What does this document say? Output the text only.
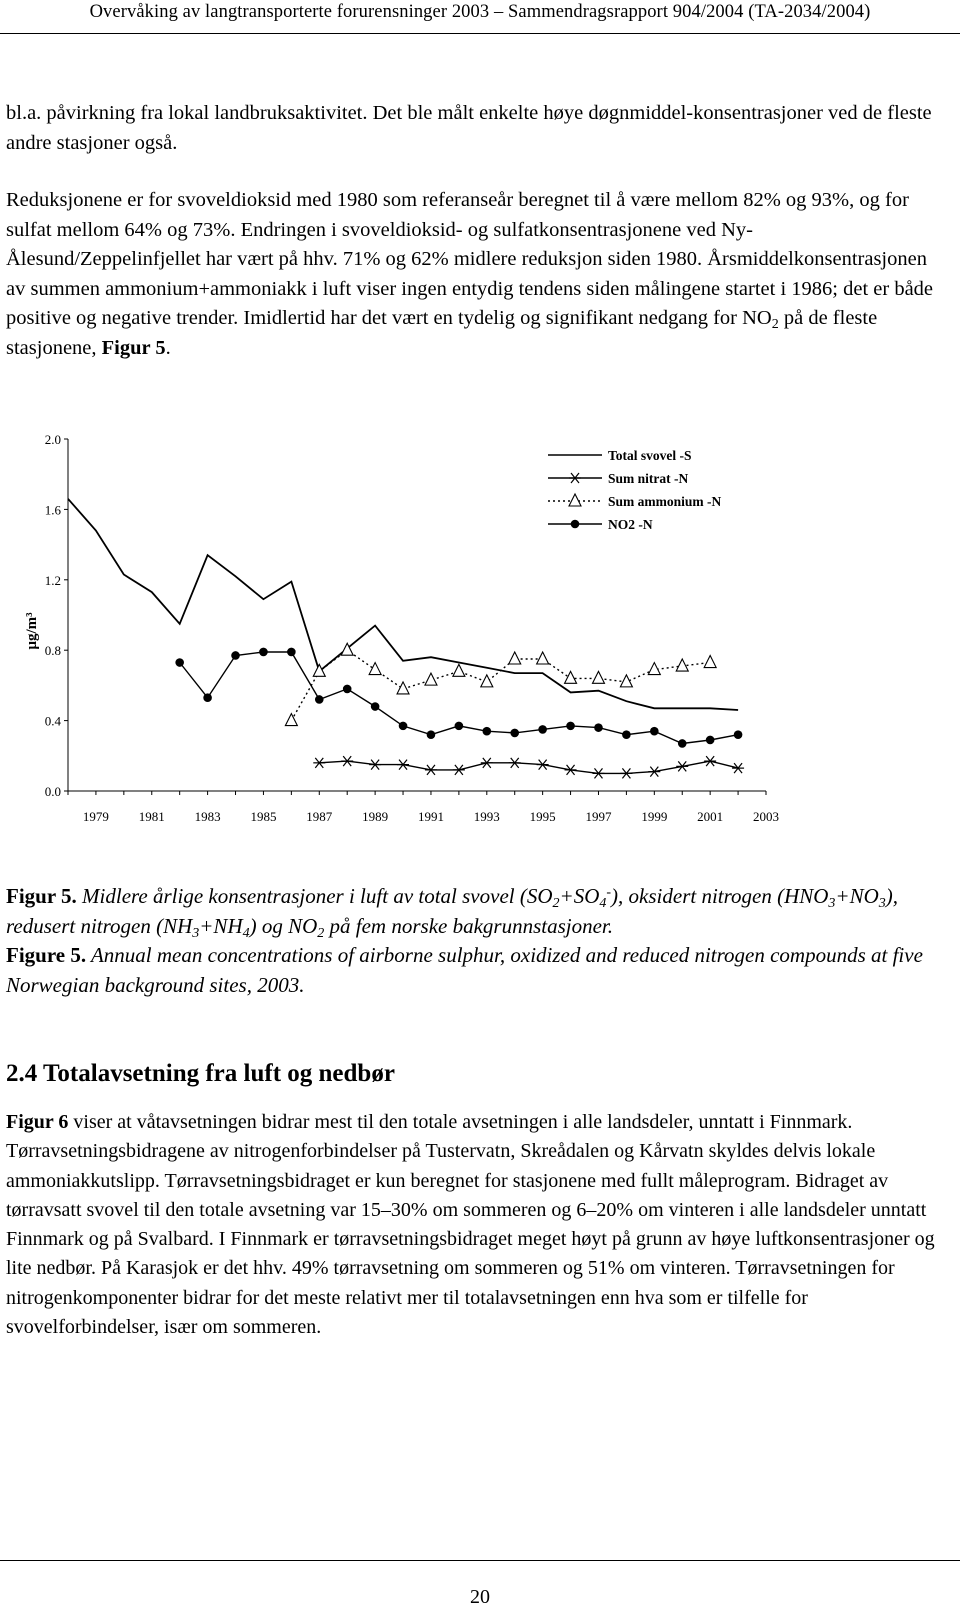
Overvåking av langtransporterte forurensninger 2003 – Sammendragsrapport 904/2004 (TA-2034/2004)

bl.a. påvirkning fra lokal landbruksaktivitet. Det ble målt enkelte høye døgnmiddel-konsentrasjoner ved de fleste andre stasjoner også.

Reduksjonene er for svoveldioksid med 1980 som referanseår beregnet til å være mellom 82% og 93%, og for sulfat mellom 64% og 73%. Endringen i svoveldioksid- og sulfatkonsentrasjonene ved Ny-Ålesund/Zeppelinfjellet har vært på hhv. 71% og 62% midlere reduksjon siden 1980. Årsmiddelkonsentrasjonen av summen ammonium+ammoniakk i luft viser ingen entydig tendens siden målingene startet i 1986; det er både positive og negative trender. Imidlertid har det vært en tydelig og signifikant nedgang for $NO_2$ på de fleste stasjonene, Figur 5.

2.0
1.6
1.2
0.8
0.4
0.0
1979 1981 1983 1985 1987 1989 1991 1993 1995 1997 1999 2001 2003
µg/m³
Total svovel -S
Sum nitrat -N
Sum ammonium -N
NO2 -N

Figur 5. Midlere årlige konsentrasjoner i luft av total svovel $(SO_2+SO_4^-)$, oksidert nitrogen $(HNO_3+NO_3)$, redusert nitrogen $(NH_3+NH_4)$ og $NO_2$ på fem norske bakgrunnstasjoner.
Figure 5. Annual mean concentrations of airborne sulphur, oxidized and reduced nitrogen compounds at five Norwegian background sites, 2003.

2.4 Totalavsetning fra luft og nedbør

Figur 6 viser at våtavsetningen bidrar mest til den totale avsetningen i alle landsdeler, unntatt i Finnmark. Tørravsetningsbidragene av nitrogenforbindelser på Tustervatn, Skreådalen og Kårvatn skyldes delvis lokale ammoniakkutslipp. Tørravsetningsbidraget er kun beregnet for stasjonene med fullt måleprogram. Bidraget av tørravsatt svovel til den totale avsetning var 15–30% om sommeren og 6–20% om vinteren i alle landsdeler unntatt Finnmark og på Svalbard. I Finnmark er tørravsetningsbidraget meget høyt på grunn av høye luftkonsentrasjoner og lite nedbør. På Karasjok er det hhv. 49% tørravsetning om sommeren og 51% om vinteren. Tørravsetningen for nitrogenkomponenter bidrar for det meste relativt mer til totalavsetningen enn hva som er tilfelle for svovelforbindelser, især om sommeren.

20
